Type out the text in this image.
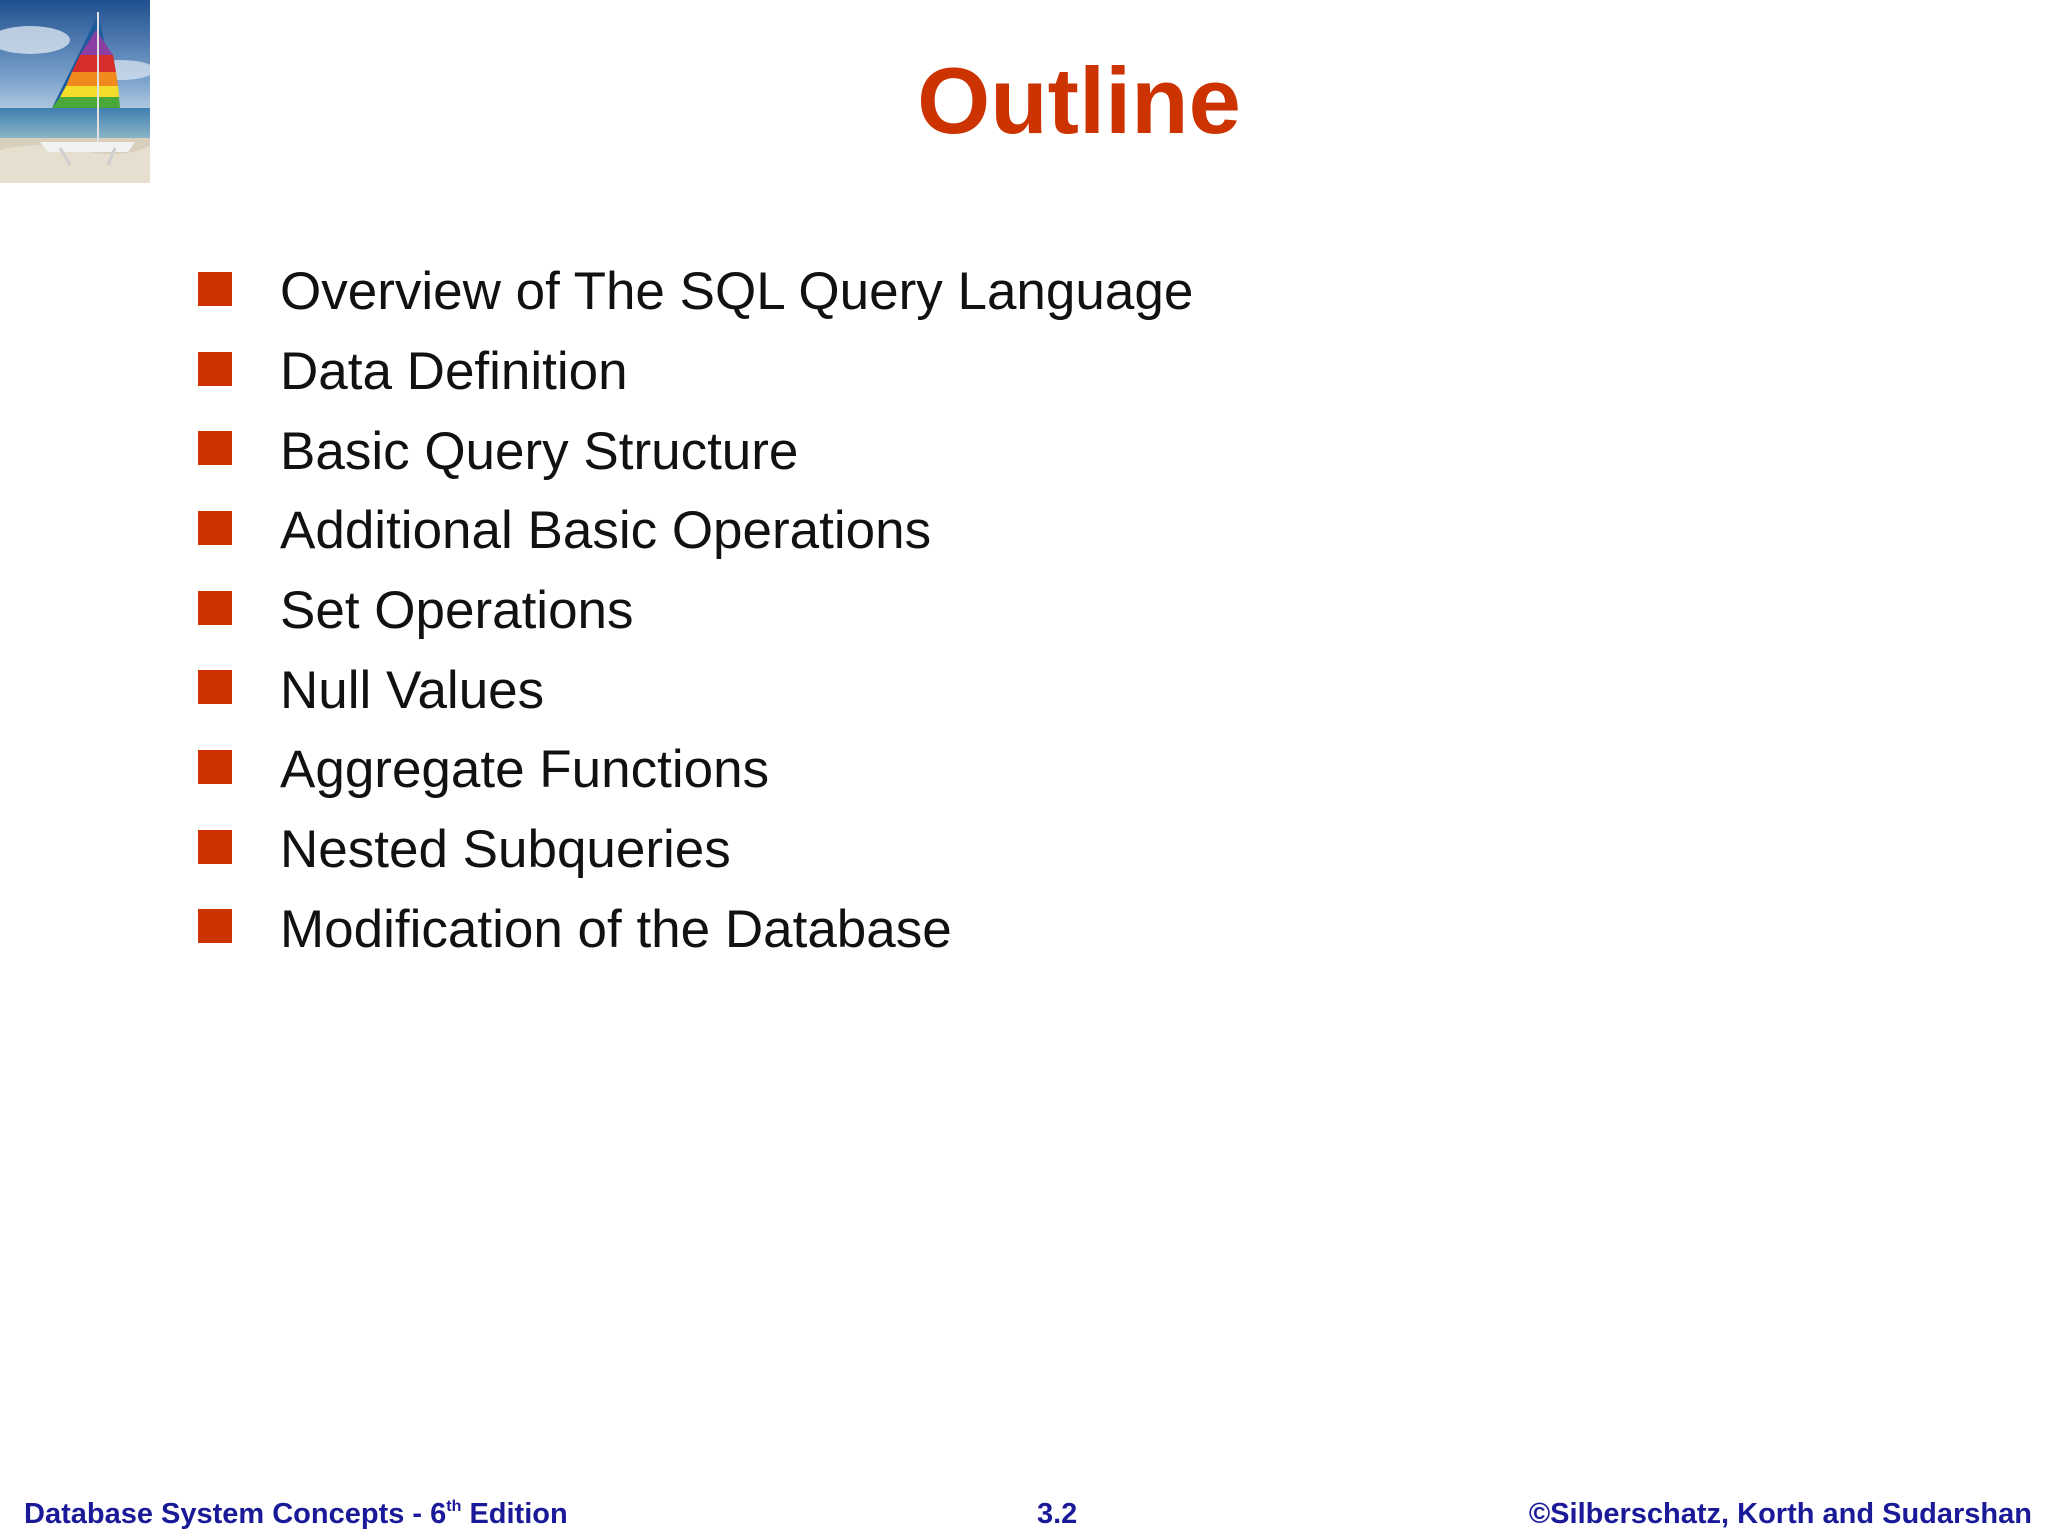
Outline
Overview of The SQL Query Language
Data Definition
Basic Query Structure
Additional Basic Operations
Set Operations
Null Values
Aggregate Functions
Nested Subqueries
Modification of the Database
Database System Concepts - 6th Edition	3.2	©Silberschatz, Korth and Sudarshan
